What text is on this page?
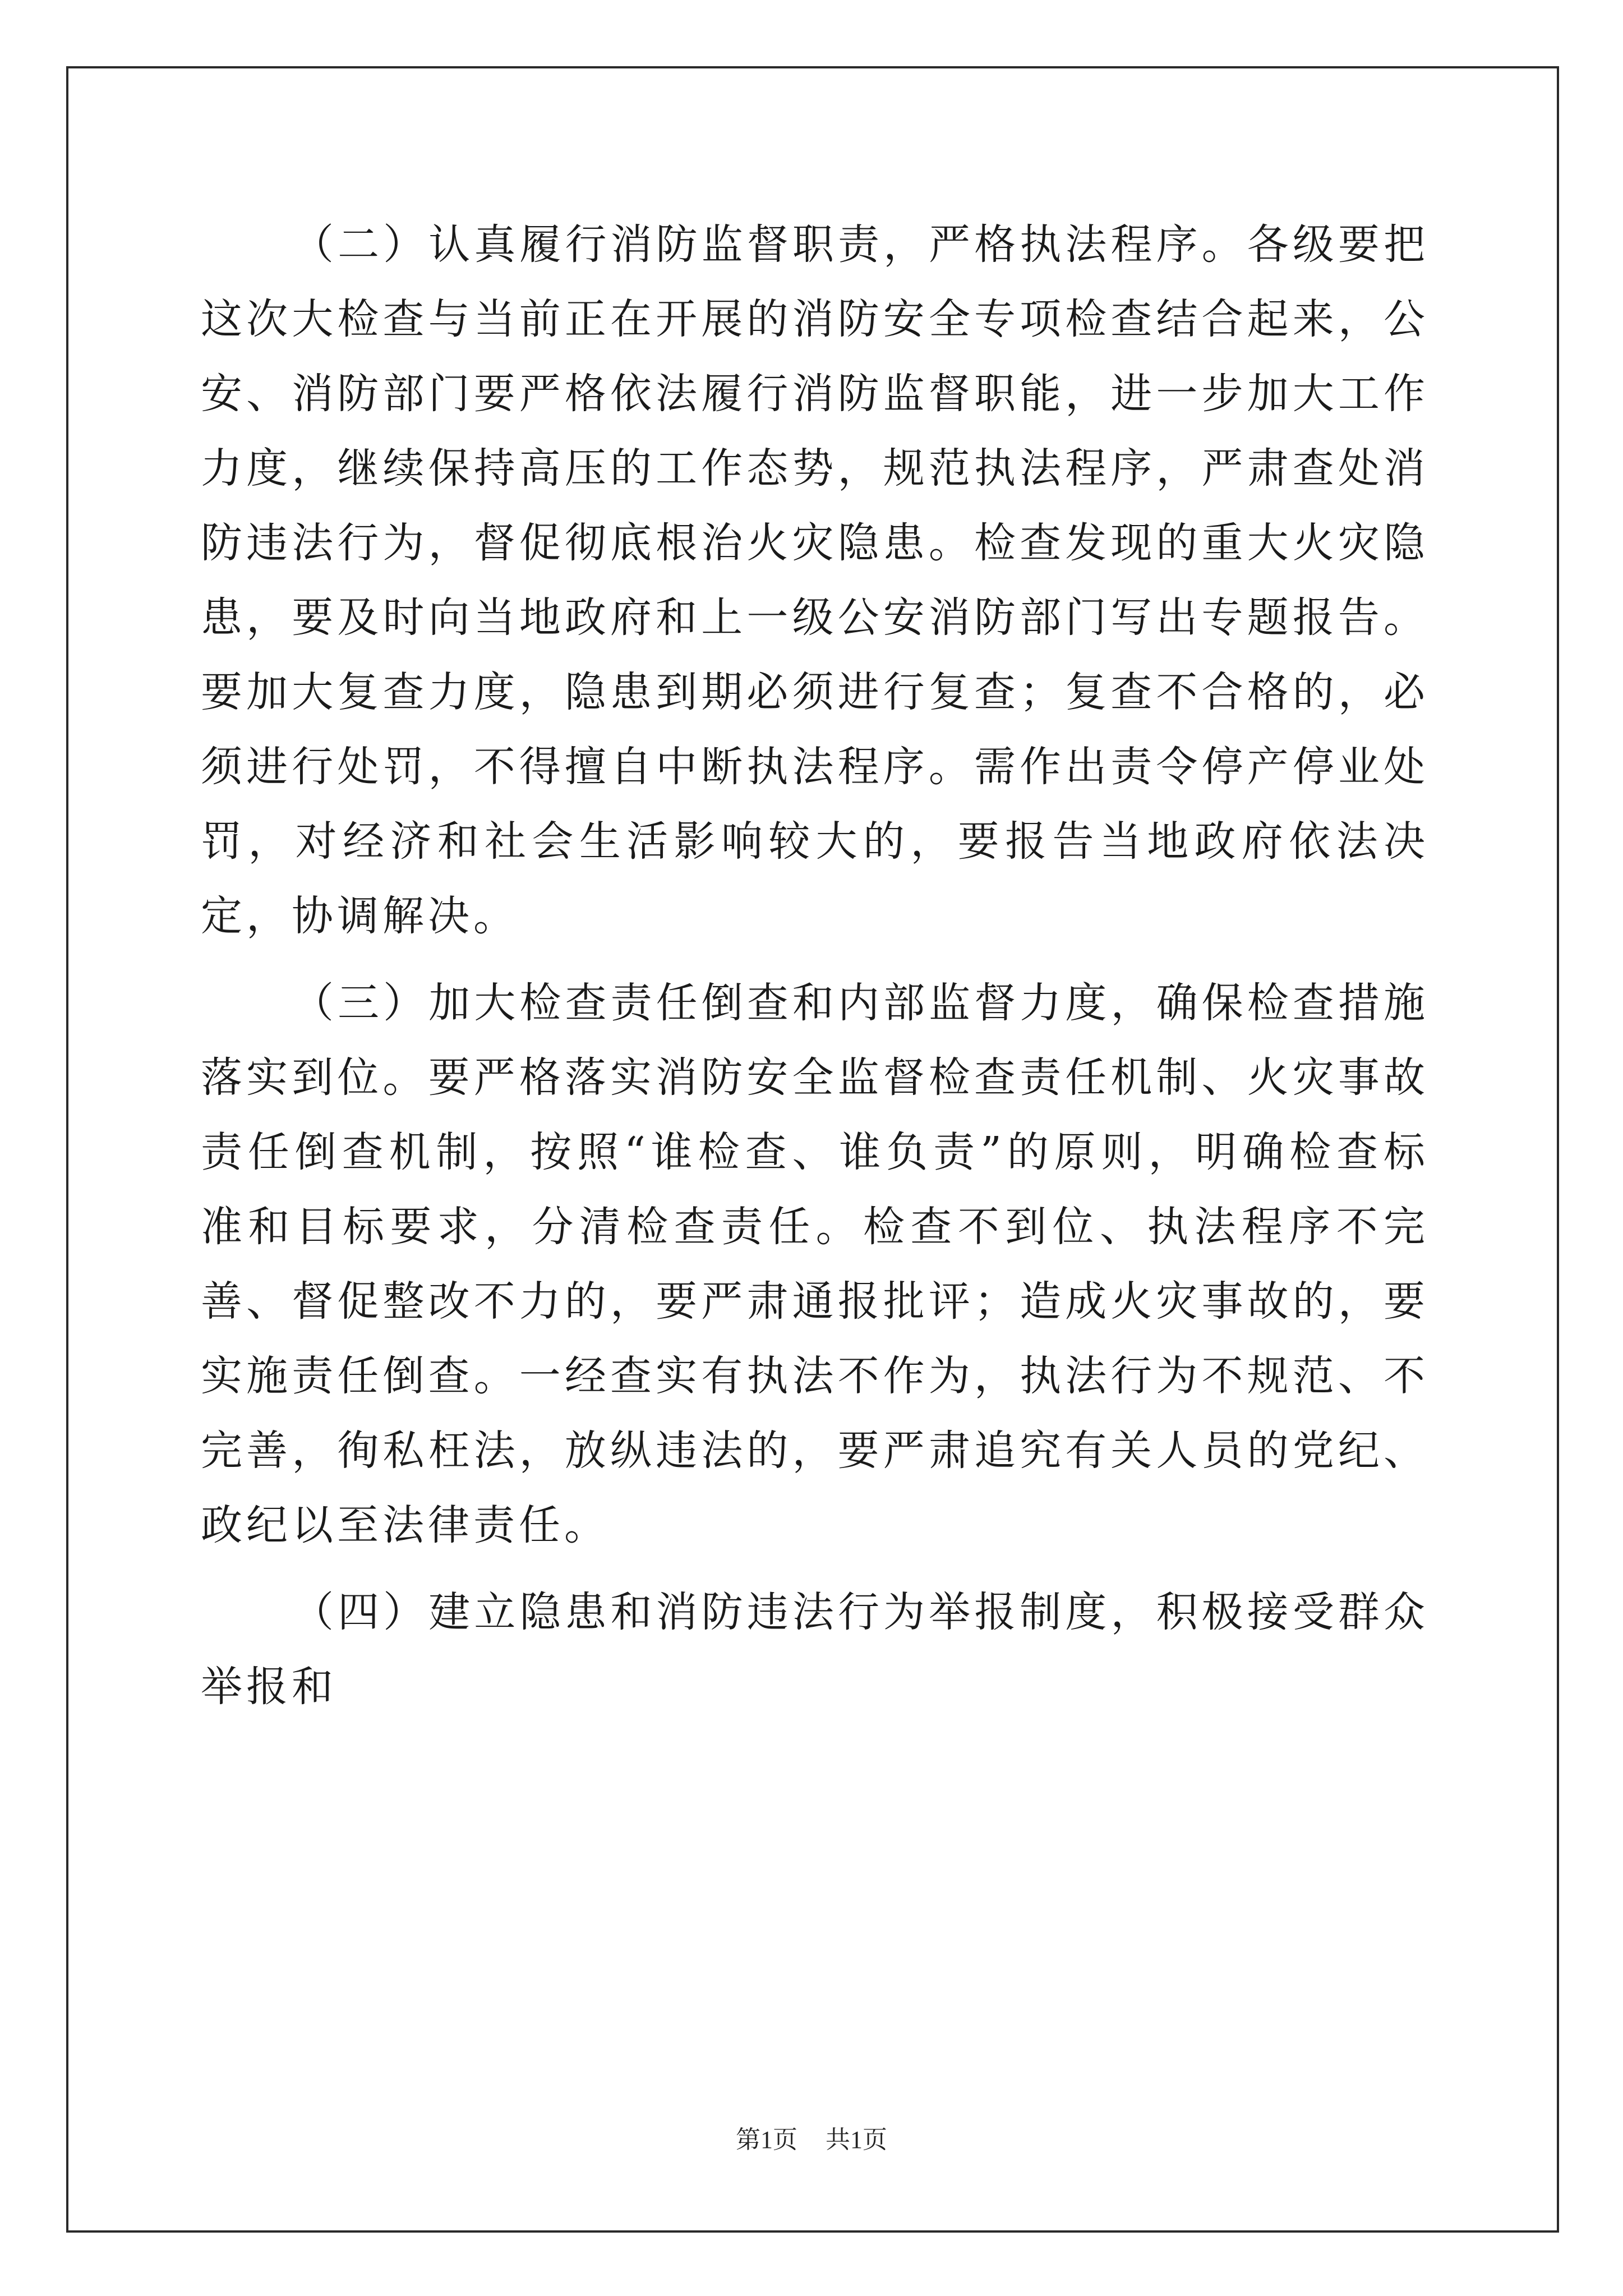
（二）认真履行消防监督职责，严格执法程序。各级要把这次大检查与当前正在开展的消防安全专项检查结合起来，公安、消防部门要严格依法履行消防监督职能，进一步加大工作力度，继续保持高压的工作态势，规范执法程序，严肃查处消防违法行为，督促彻底根治火灾隐患。检查发现的重大火灾隐患，要及时向当地政府和上一级公安消防部门写出专题报告。要加大复查力度，隐患到期必须进行复查；复查不合格的，必须进行处罚，不得擅自中断执法程序。需作出责令停产停业处罚，对经济和社会生活影响较大的，要报告当地政府依法决定，协调解决。

（三）加大检查责任倒查和内部监督力度，确保检查措施落实到位。要严格落实消防安全监督检查责任机制、火灾事故责任倒查机制，按照“谁检查、谁负责”的原则，明确检查标准和目标要求，分清检查责任。检查不到位、执法程序不完善、督促整改不力的，要严肃通报批评；造成火灾事故的，要实施责任倒查。一经查实有执法不作为，执法行为不规范、不完善，徇私枉法，放纵违法的，要严肃追究有关人员的党纪、政纪以至法律责任。

（四）建立隐患和消防违法行为举报制度，积极接受群众举报和

第1页 共1页
